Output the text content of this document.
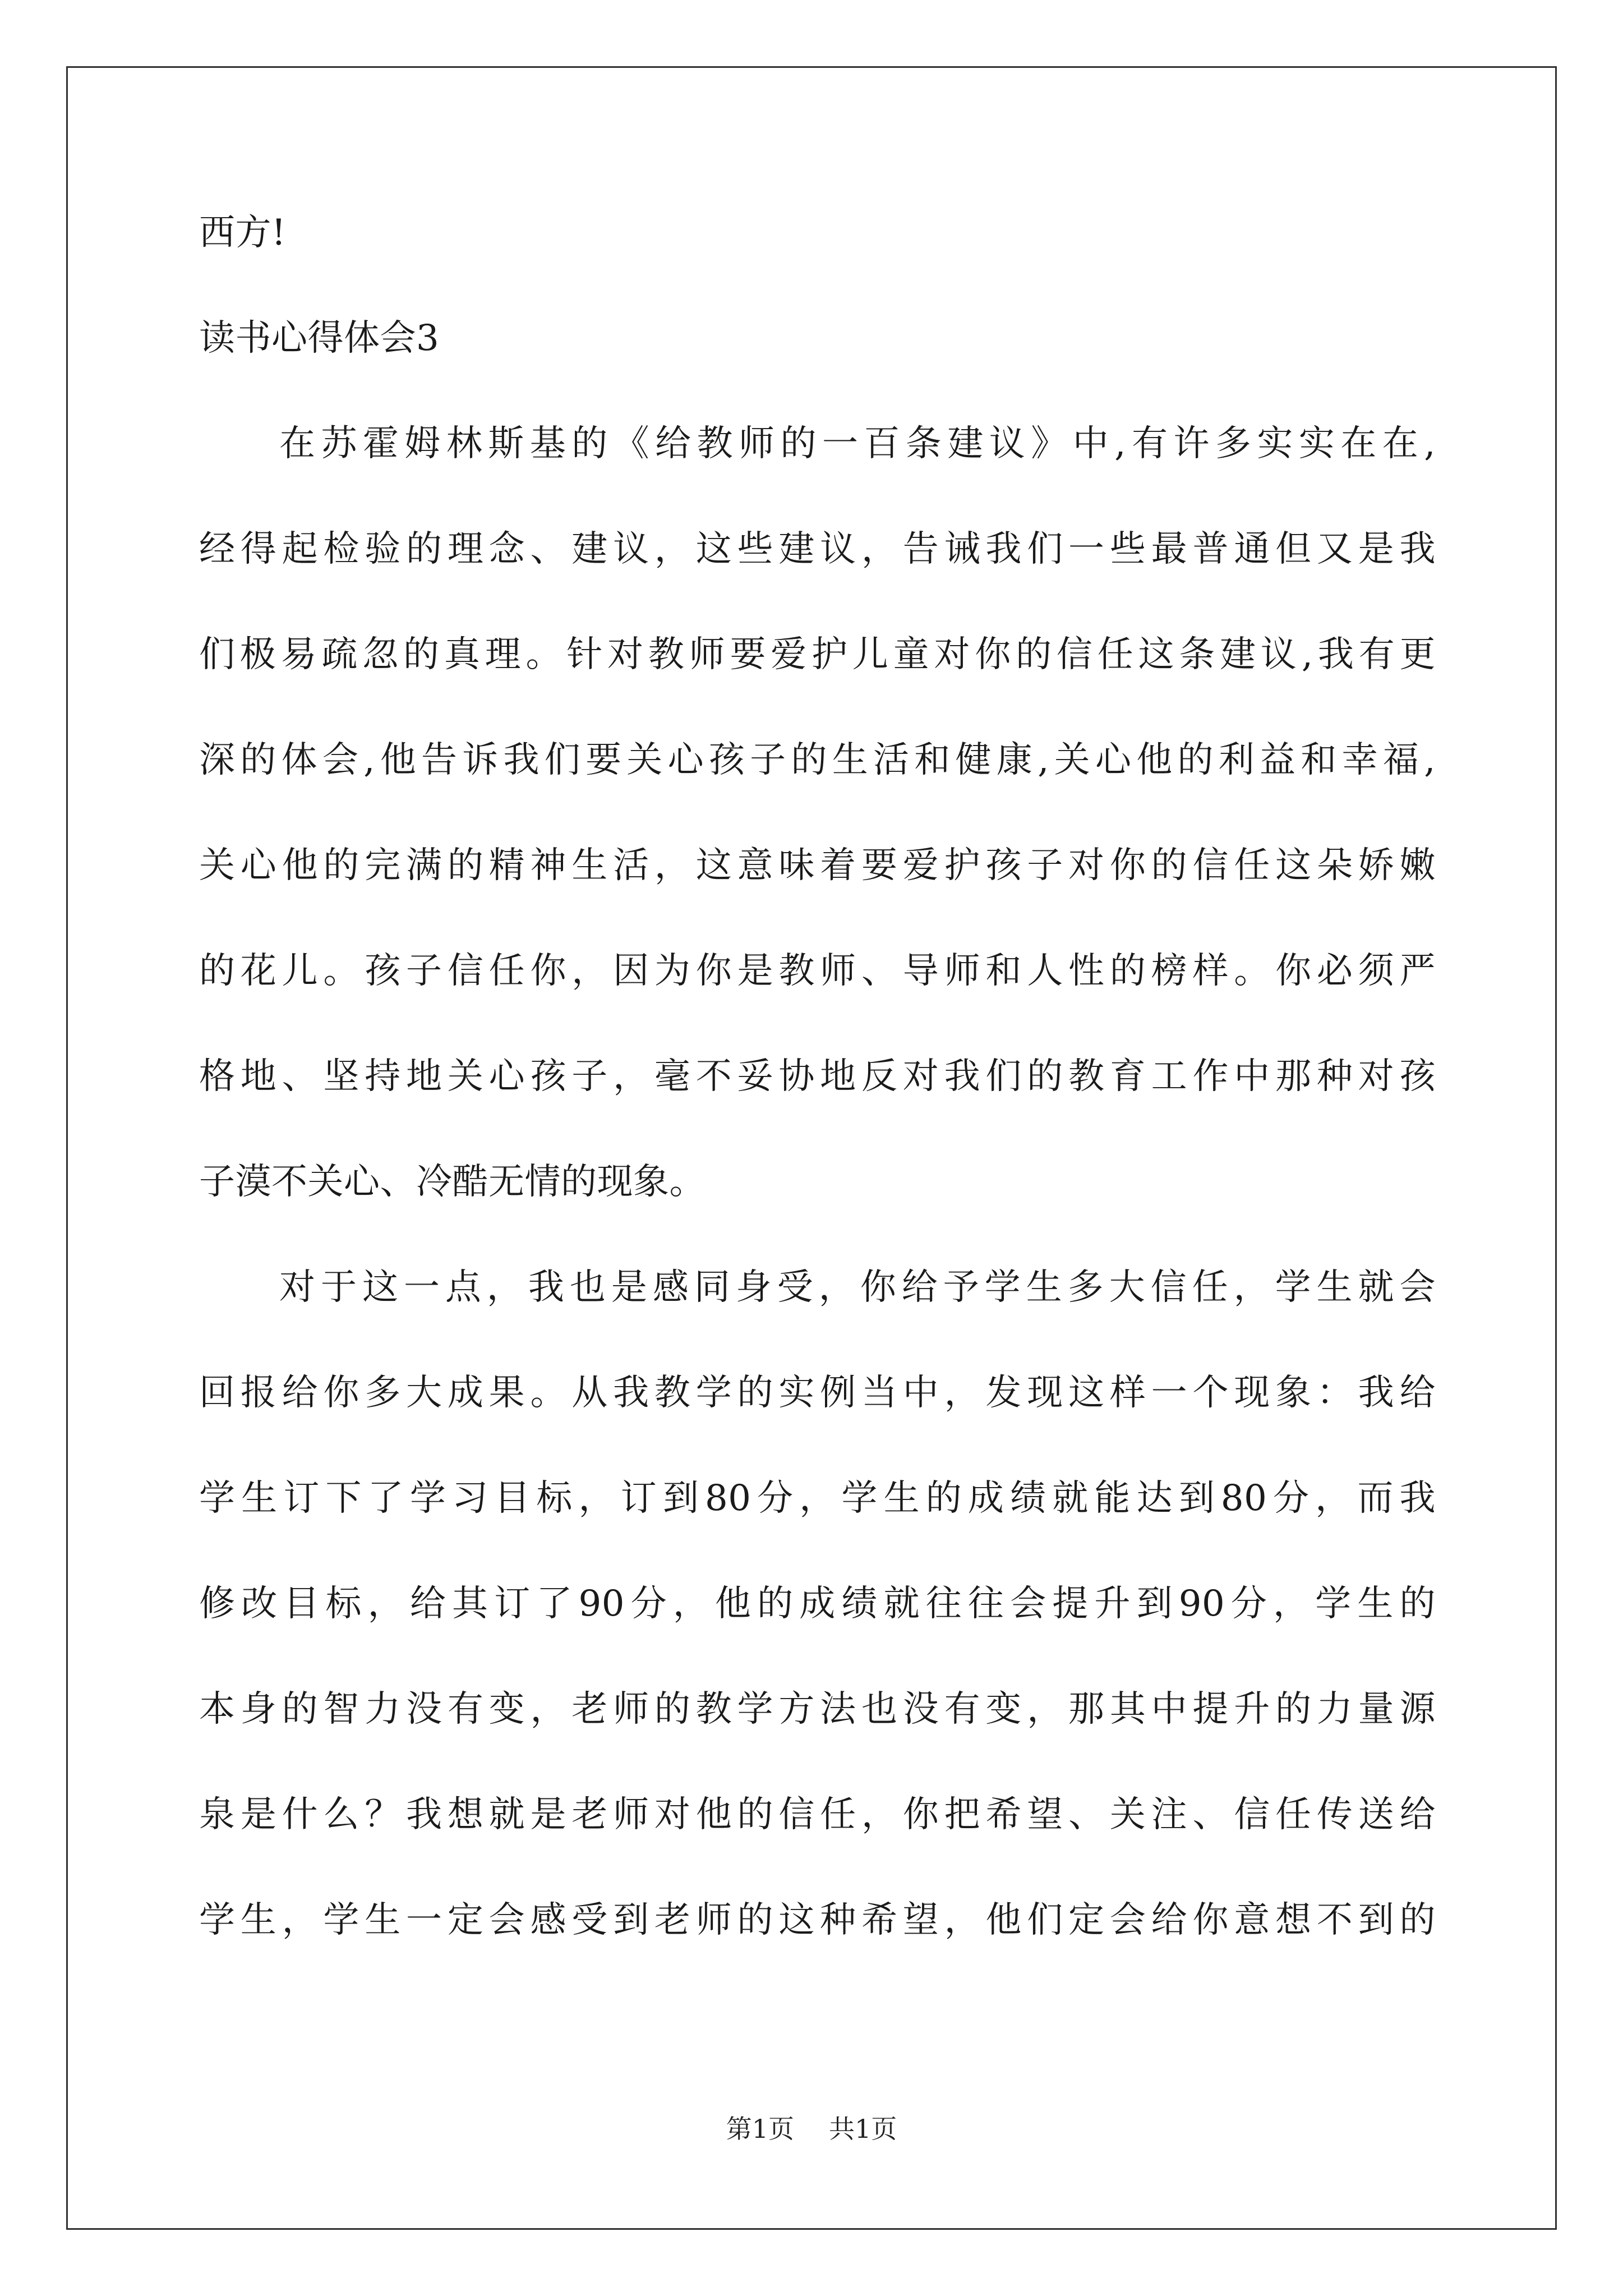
西方!
读书心得体会3
在苏霍姆林斯基的《给教师的一百条建议》中,有许多实实在在,
经得起检验的理念、建议，这些建议，告诫我们一些最普通但又是我
们极易疏忽的真理。针对教师要爱护儿童对你的信任这条建议,我有更
深的体会,他告诉我们要关心孩子的生活和健康,关心他的利益和幸福,
关心他的完满的精神生活，这意味着要爱护孩子对你的信任这朵娇嫩
的花儿。孩子信任你，因为你是教师、导师和人性的榜样。你必须严
格地、坚持地关心孩子，毫不妥协地反对我们的教育工作中那种对孩
子漠不关心、冷酷无情的现象。
对于这一点，我也是感同身受，你给予学生多大信任，学生就会
回报给你多大成果。从我教学的实例当中，发现这样一个现象：我给
学生订下了学习目标，订到80分，学生的成绩就能达到80分，而我
修改目标，给其订了90分，他的成绩就往往会提升到90分，学生的
本身的智力没有变，老师的教学方法也没有变，那其中提升的力量源
泉是什么？我想就是老师对他的信任，你把希望、关注、信任传送给
学生，学生一定会感受到老师的这种希望，他们定会给你意想不到的
第1页 共1页
